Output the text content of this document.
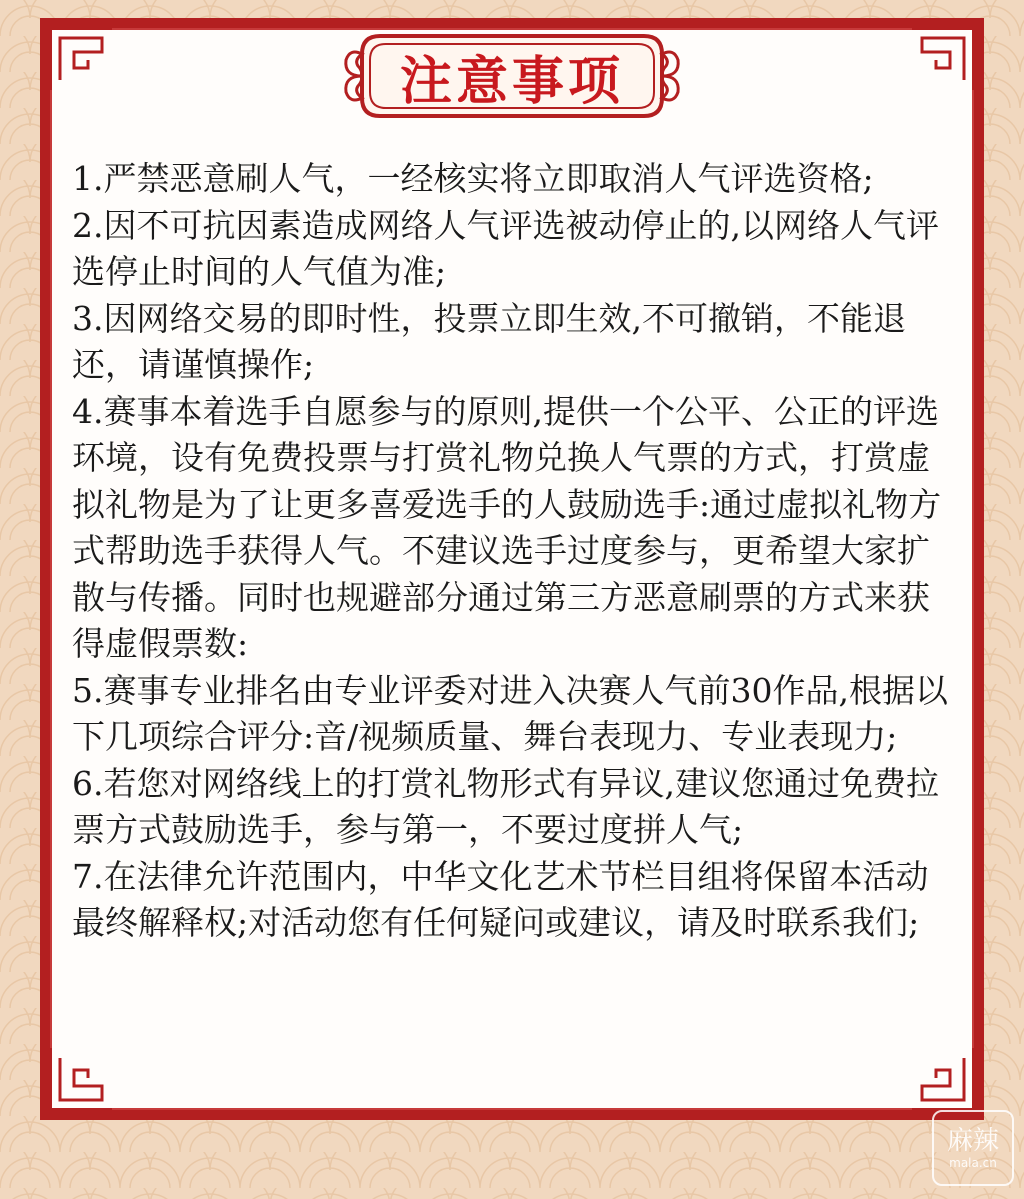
注意事项

1.严禁恶意刷人气，一经核实将立即取消人气评选资格;

2.因不可抗因素造成网络人气评选被动停止的,以网络人气评选停止时间的人气值为准;

3.因网络交易的即时性，投票立即生效,不可撤销，不能退还，请谨慎操作;

4.赛事本着选手自愿参与的原则,提供一个公平、公正的评选环境，设有免费投票与打赏礼物兑换人气票的方式，打赏虚拟礼物是为了让更多喜爱选手的人鼓励选手:通过虚拟礼物方式帮助选手获得人气。不建议选手过度参与，更希望大家扩散与传播。同时也规避部分通过第三方恶意刷票的方式来获得虚假票数:

5.赛事专业排名由专业评委对进入决赛人气前30作品,根据以下几项综合评分:音/视频质量、舞台表现力、专业表现力;

6.若您对网络线上的打赏礼物形式有异议,建议您通过免费拉票方式鼓励选手，参与第一，不要过度拼人气;

7.在法律允许范围内，中华文化艺术节栏目组将保留本活动最终解释权;对活动您有任何疑问或建议，请及时联系我们;

麻辣
mala.cn
